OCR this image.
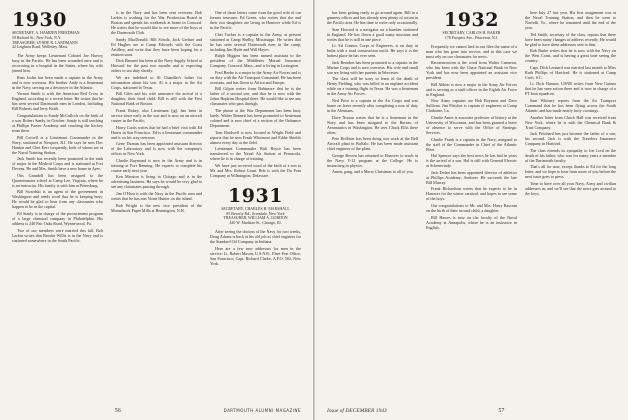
1930
SECRETARY, A. HAMDEN FREEDMAN
59 Richard St., New York, N.Y.
TREASURER, LYNDE B. LANDMANN
42 Leighton Road, Wellesley, Mass.

The Army keeps Lieutenant Colonel Joe Harvey busy in the Pacific. He has been wounded once and is recovering in a hospital in the States, where his wife joined him.

Russ Joslin has been made a captain in the Army and is now overseas. His brother Andy is a lieutenant in the Navy serving on a destroyer in the Atlantic.

Vernon Smith is with the American Red Cross in England, according to a recent letter. He writes that he has seen several Dartmouth men in London, including Bill Roberts and Jerry Keith.

Congratulations to Sandy McCulloch on the birth of a son, Robert Sandy, in October. Sandy is still teaching at Phillips Exeter Academy and coaching the hockey team there.

Bill Cottrell is a Lieutenant Commander in the Navy, stationed at Newport, R.I. He says he sees Doc Hanlon and Chet Kerr frequently, both of whom are at the Naval Training Station.

Jack Smith has recently been promoted to the rank of major in the Medical Corps and is stationed at Fort Devens. He and Mrs. Smith have a new home in Ayer.

Otis Grundell has been assigned to the Quartermaster school at Camp Lee, Virginia, where he is an instructor. His family is with him at Petersburg.

Bill Swardski is an agent of the government in Washington and sends word that he is keeping busy. He would be glad to hear from any classmates who happen to be in the capital.

Ed Stanly is in charge of the procurement program of a large chemical company in Philadelphia. His address is 240 Fair Oaks Road, Wynnewood, Pa.

Two of our members were married this fall. Bob Larkin writes that Brooke Willis is in the Navy and is stationed somewhere in the South Pacific.

is in the Navy and has been sent overseas. Bob Larkin is working for the War Production Board in Boston and spends his weekends at home in Concord. He writes that he would like to see more of the boys at the Dartmouth Club.

Sandy MacDonald, Bill Scholz, Jack Gerhart and Ed Hughes are at Camp Edwards with the Coast Artillery, and write that they have been hoping for a reunion soon.

Dick Bennett has been at the Navy Supply School at Harvard for the past two months and is expecting orders to sea duty shortly.

We are indebted to Al Chandler's father for information about his son. Al is a major in the Air Corps, stationed in Texas.

Bill Giles and his wife announce the arrival of a daughter, their third child. Bill is still with the First National Bank of Boston.

Frank Rokey, also Lieutenant (jg), has been in service since early in the war and is now on an aircraft carrier in the Pacific.

Harry Curtis writes that he had a brief visit with Ed Harris in San Francisco. Ed is a lieutenant commander and is on his way overseas.

Gene Thomas has been appointed assistant director of the Laboratory and is now with the company's offices in New York.

Charlie Raymond is now in the Army and is in training at Fort Benning. He expects to complete his course early next year.

Ken Marston is living in Chicago and is in the advertising business. He says he would be very glad to see any classmates passing through.

Jim O'Hara is with the Navy in the Pacific area and writes that he has met Norm Hunter on the island.

Bob Wright is the new vice president of the Monadnock Paper Mills at Bennington, N.H.

One of those letters came from the good wife of our former treasurer. Ed Green, who writes that she and their two daughters are living in Hanover while Ed is in the Pacific.

Chet Tucker is a captain in the Army, at present stationed at Camp Shelby, Mississippi. He writes that he has seen several Dartmouth men in the camp, including Jim Hyde and Will Hayes.

Ralph Higgins has been named assistant to the president of the Middlesex Mutual Insurance Company, Concord, Mass., and is living in Lexington.

Fred Beebe is a major in the Army Air Forces and is on duty with the Air Transport Command. He has been overseas, and has flown to Africa and Europe.

Bill Gilpin writes from Baltimore that he is the father of a second son, and that he is now with the Johns Hopkins Hospital there. He would like to see any classmates who pass through.

The phone at the War Department has been busy lately. Walter Bennett has been promoted to lieutenant colonel and is now chief of a section of the Ordnance Department.

Tom Bardwell is now located at Wright Field and reports that he sees Frank Whitmore and Eddie Shields almost every day at the field.

Lieutenant Commander Walt Boyce has been transferred to the Naval Air Station at Pensacola, where he is in charge of training.

We have just received word of the birth of a son to Mr. and Mrs. Robert Grant. Bob is with the Du Pont Company at Wilmington, Delaware.

1931
SECRETARY, CHARLES H. MARSHALL
85 Beverly Rd., Scarsdale, New York
TREASURER, WILLIAM A. GORDON
420 W. Madison St., Chicago, Ill.

After seeing the doctors of the Navy for two weeks, Doug Adams is back at his old job as chief engineer for the Standard Oil Company in Indiana.

Here are a few new addresses for men in the service: Lt. Robert Mason, U.S.N.R., Fleet Post Office, San Francisco; Capt. Richard Clarke, A.P.O. 502, New York.

56	DARTMOUTH ALUMNI MAGAZINE

has been getting ready to go around again. Bill in a gunnery officer and has already seen plenty of action in the Pacific area. He has time to write only occasionally.

Stan Howard is a navigator on a bomber stationed in England. He has flown a good many missions and writes that he is still in one piece.

Lt. Ed Connor, Corps of Engineers, is on duty in India with a road construction outfit. He says it is the hottest place he has ever seen.

Jack Reardon has been promoted to a captain in the Marine Corps and is now overseas. His wife and small son are living with her parents in Worcester.

The class will be sorry to learn of the death of Henry Fielding, who was killed in an airplane accident while on a training flight in Texas. He was a lieutenant in the Army Air Forces.

Ned Price is a captain in the Air Corps and was home on leave recently after completing a tour of duty in the Aleutians.

Dave Norton writes that he is a lieutenant in the Navy and has been assigned to the Bureau of Aeronautics in Washington. He sees Chuck Ellis there often.

Pete Hollister has been doing war work at the Bell Aircraft plant in Buffalo. He has been made assistant chief engineer of the plant.

George Bowen has returned to Hanover to teach in the Navy V-12 program at the College. He is instructing in physics.

Amen, gang, and a Merry Christmas to all of you.

1932
SECRETARY, CARLOS H. BAKER
178 Prospect Ave., Princeton, N.J.

Frequently we cannot find in our files the name of a man who has gone into service, and in this case we must rely on our classmates for news.

Reconstruction is the word from Walter Cameron, who has been with the Chase National Bank in New York and has now been appointed an assistant vice president.

Bill Abbott is now a major in the Army Air Forces and is serving as a staff officer in the Eighth Air Force in England.

New Army captains are Bob Boynton and Dave Sullivan. Jim Fletcher is captain of engineers at Camp Claiborne, La.

Charlie Ames is associate professor of history at the University of Wisconsin, and has been granted a leave of absence to serve with the Office of Strategic Services.

Charlie Frank is a captain in the Navy, assigned to the staff of the Commander in Chief of the Atlantic Fleet.

Hal Spencer says the best news he has had in years is the arrival of a son. Hal is still with General Electric at Schenectady.

Jack Dolan has been appointed director of athletics at Phillips Academy, Andover. He succeeds the late Bill Murray.

Frank Richardson writes that he expects to be in Hanover for the winter carnival, and hopes to see some of the boys.

Our congratulations to Mr. and Mrs. Harry Bascom on the birth of their second child, a daughter.

Bill Hawes is now on the faculty of the Naval Academy at Annapolis, where he is an instructor in English.

here July 27 last year. His first assignment was at the Naval Training Station, and then he went to Norfolk, Va., where he remained until the end of the year.

Ted Smith, secretary of the class, reports that there have been many changes of address recently. He would be glad to have these addresses sent to him.

Bob Burke writes that he is now with the Navy on the West Coast, and is having a great time seeing the country.

Capt. Dick Leonard was married last month to Miss Ruth Phillips of Hartford. He is stationed at Camp Croft, S.C.

Lt. Dick Hanson, USNR writes from New Guinea that he has seen action there and is now in charge of a PT boat squadron.

Sam Whitney reports from the Air Transport Command that he has been flying across the South Atlantic and has made nearly forty crossings.

Another letter from Chuck Hall was received from New York, where he is with the Chemical Bank & Trust Company.

Jack Pritchard has just become the father of a son, his second. Jack is with the Travelers Insurance Company in Hartford.

The class extends its sympathy to Joe Lord on the death of his father, who was for many years a member of the Dartmouth faculty.

That's all for now, except thanks to Ed for the long letter, and we hope to hear from more of you before the next issue goes to press.

Time to have over all your Navy, Army and civilian addresses in, and we'll see that the news gets around to the boys.

Issue of DECEMBER 1943	57
